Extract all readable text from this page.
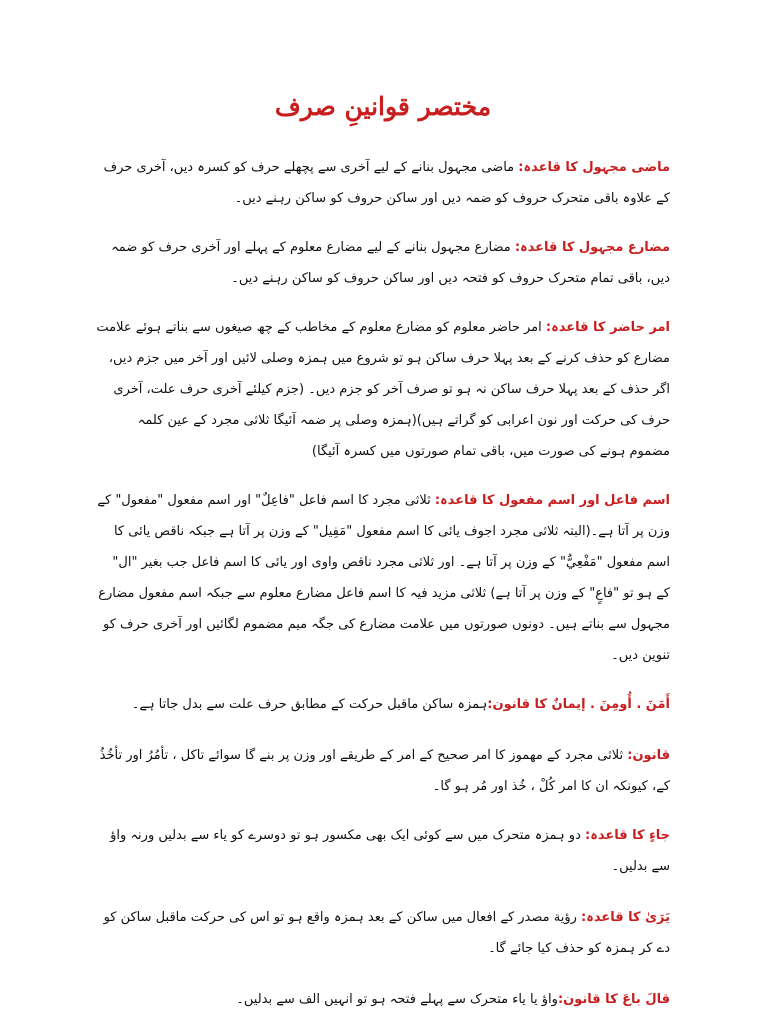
مختصر قوانینِ صرف

ماضی مجہول کا قاعدہ: ماضی مجہول بنانے کے لیے آخری سے پچھلے حرف کو کسرہ دیں، آخری حرف کے علاوہ باقی متحرک حروف کو ضمہ دیں اور ساکن حروف کو ساکن رہنے دیں۔

مضارع مجہول کا قاعدہ: مضارع مجہول بنانے کے لیے مضارع معلوم کے پہلے اور آخری حرف کو ضمہ دیں، باقی تمام متحرک حروف کو فتحہ دیں اور ساکن حروف کو ساکن رہنے دیں۔

امر حاضر کا قاعدہ: امر حاضر معلوم کو مضارع معلوم کے مخاطب کے چھ صیغوں سے بناتے ہوئے علامت مضارع کو حذف کرنے کے بعد پہلا حرف ساکن ہو تو شروع میں ہمزہ وصلی لائیں اور آخر میں جزم دیں، اگر حذف کے بعد پہلا حرف ساکن نہ ہو تو صرف آخر کو جزم دیں۔ (جزم کیلئے آخری حرف علت، آخری حرف کی حرکت اور نون اعرابی کو گراتے ہیں)(ہمزہ وصلی پر ضمہ آئیگا ثلاثی مجرد کے عین کلمہ مضموم ہونے کی صورت میں، باقی تمام صورتوں میں کسرہ آئیگا)

اسم فاعل اور اسم مفعول کا قاعدہ: ثلاثی مجرد کا اسم فاعل "فاعِلٌ" اور اسم مفعول "مفعول" کے وزن پر آتا ہے۔(البتہ ثلاثی مجرد اجوف یائی کا اسم مفعول "مَفِیل" کے وزن پر آتا ہے جبکہ ناقص یائی کا اسم مفعول "مَفْعِيٌّ" کے وزن پر آتا ہے۔ اور ثلاثی مجرد ناقص واوی اور یائی کا اسم فاعل جب بغیر "ال" کے ہو تو "فاعٍ" کے وزن پر آتا ہے) ثلاثی مزید فیہ کا اسم فاعل مضارع معلوم سے جبکہ اسم مفعول مضارع مجہول سے بناتے ہیں۔ دونوں صورتوں میں علامت مضارع کی جگہ میم مضموم لگائیں اور آخری حرف کو تنوین دیں۔

أَمَنَ . أُومِنَ . إیمانٌ کا قانون:ہمزہ ساکن ماقبل حرکت کے مطابق حرف علت سے بدل جاتا ہے۔

قانون: ثلاثی مجرد کے مھموز کا امر صحیح کے امر کے طریقے اور وزن پر بنے گا سوائے تاکل ، تأمُرُ اور تأخُذُ کے، کیونکہ ان کا امر کُلْ ، خُذ اور مُر ہو گا۔

جاءٍ کا قاعدہ: دو ہمزہ متحرک میں سے کوئی ایک بھی مکسور ہو تو دوسرے کو یاء سے بدلیں ورنہ واؤ سے بدلیں۔

يَرَیٰ کا قاعدہ: رؤیة مصدر کے افعال میں ساکن کے بعد ہمزہ واقع ہو تو اس کی حرکت ماقبل ساکن کو دے کر ہمزہ کو حذف کیا جائے گا۔

قالَ باعَ کا قانون:واؤ یا یاء متحرک سے پہلے فتحہ ہو تو انہیں الف سے بدلیں۔
